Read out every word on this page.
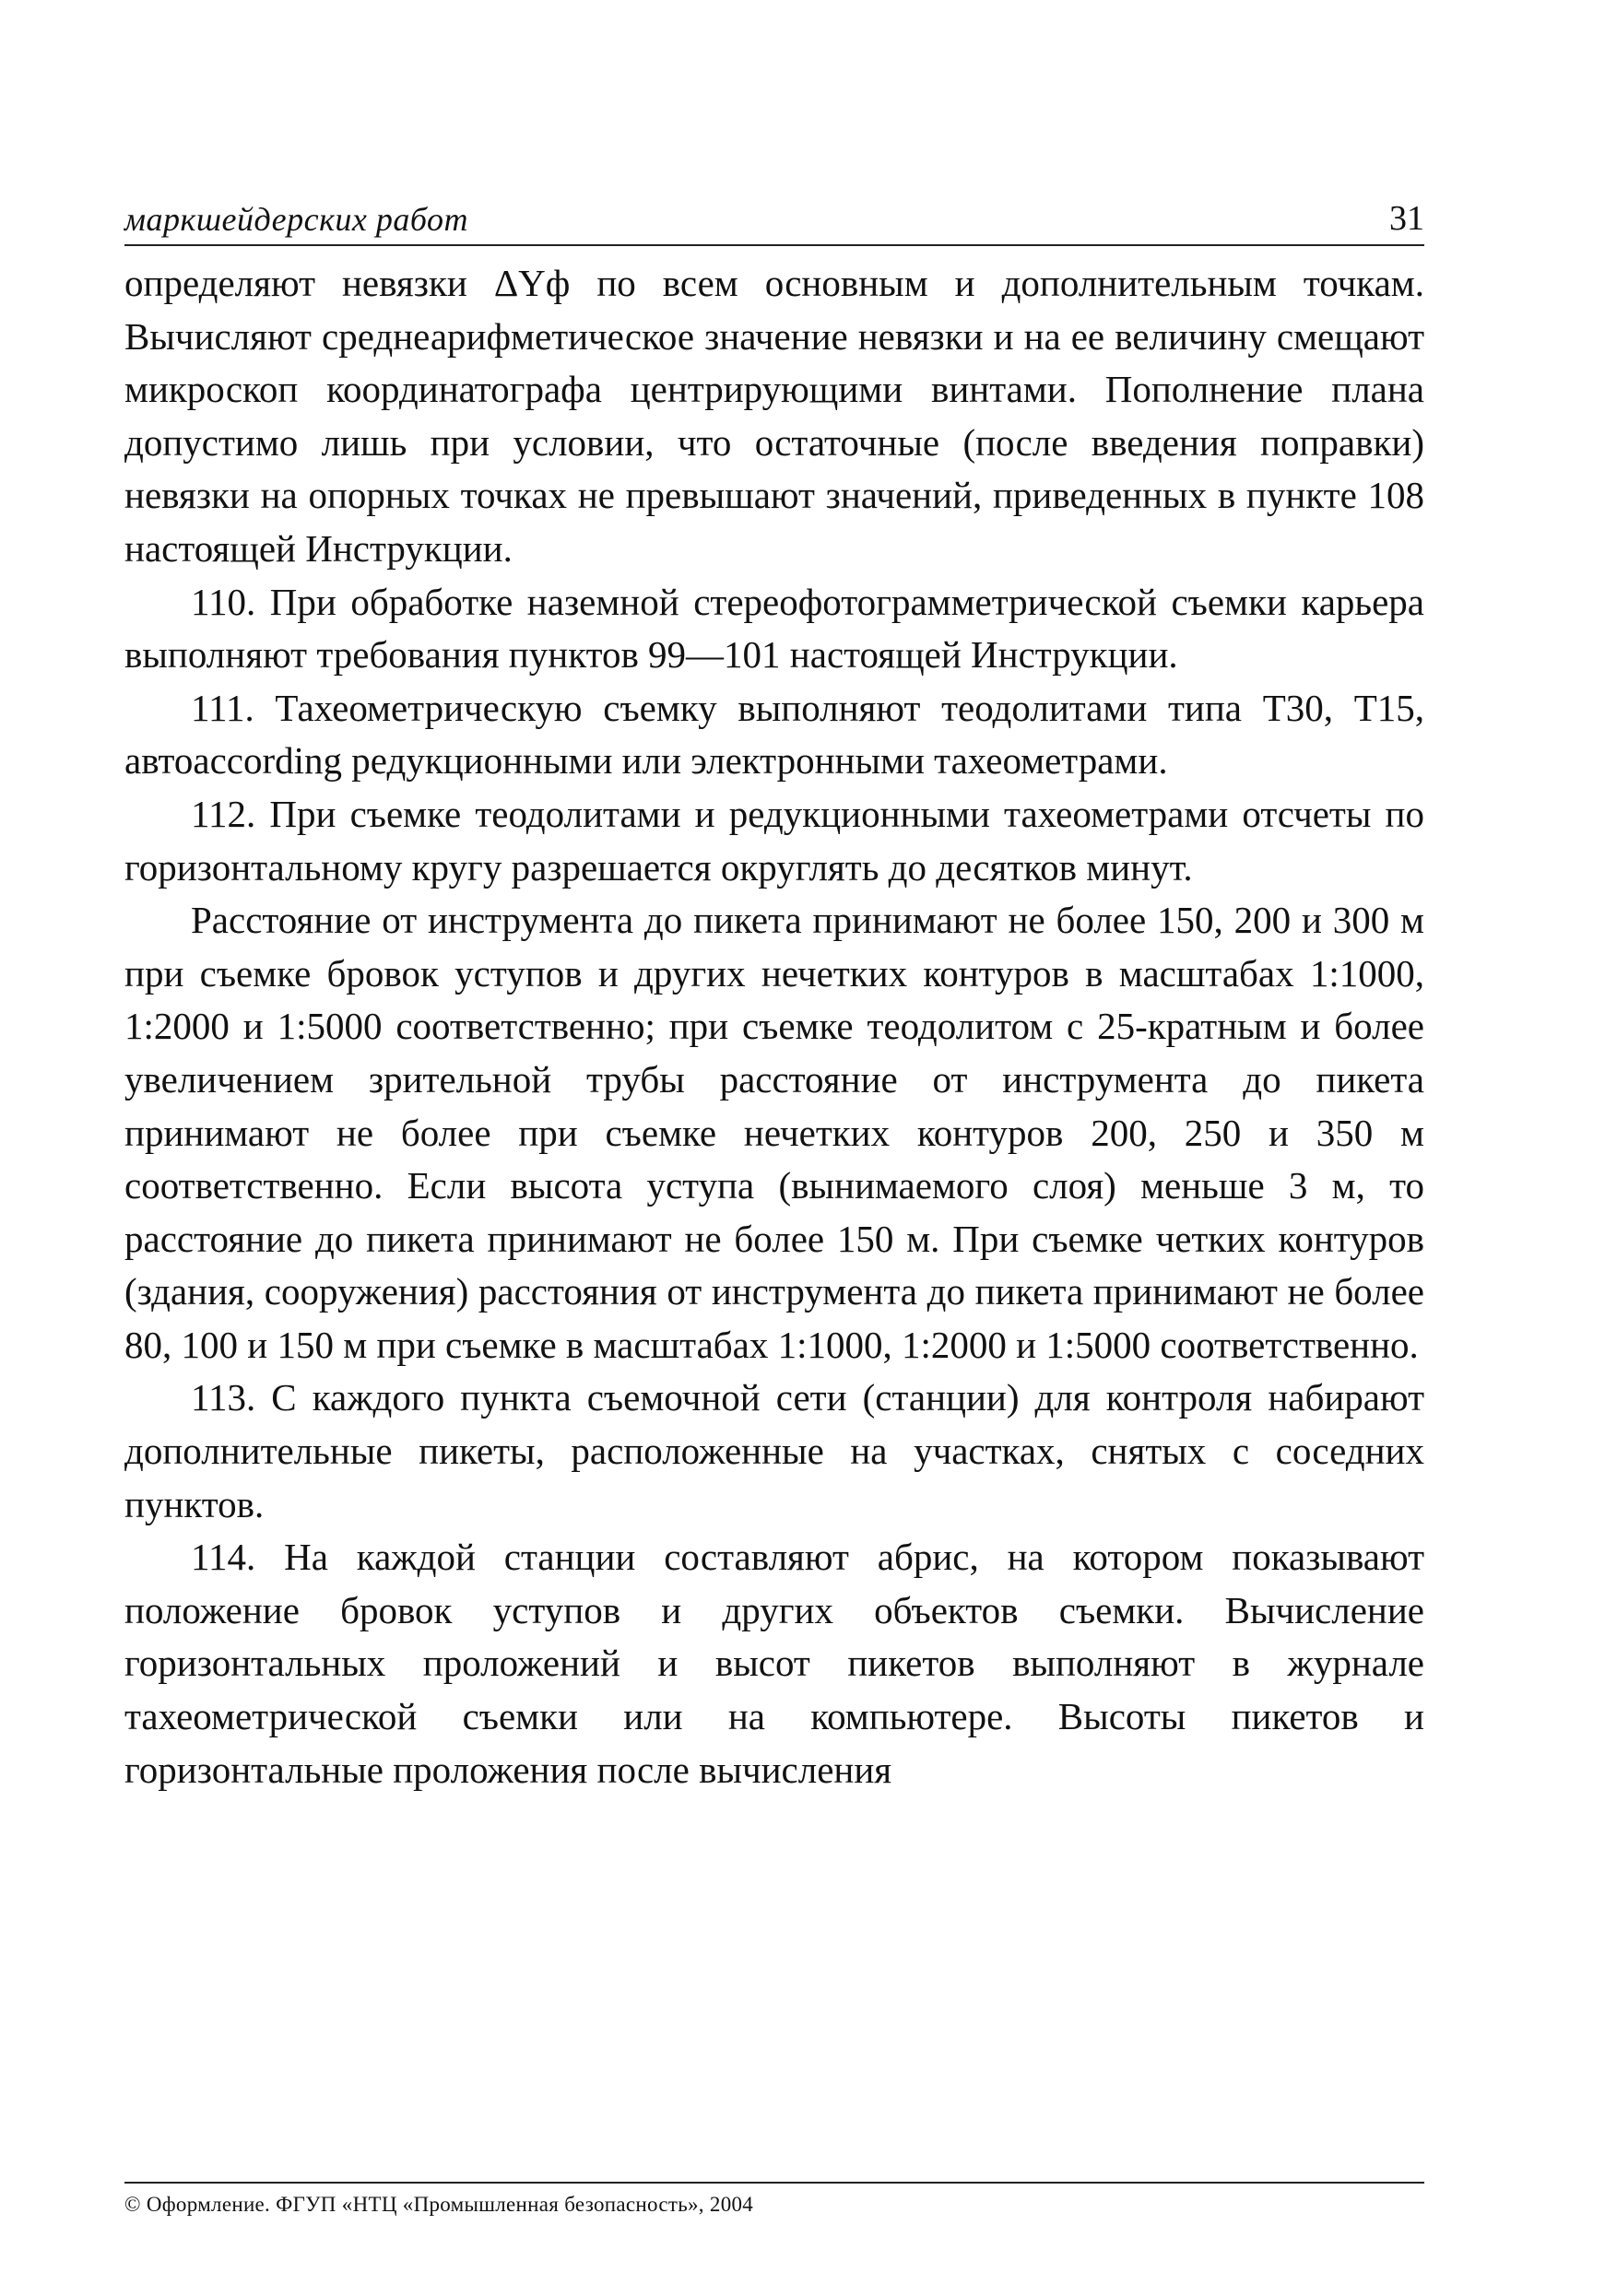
маркшейдерских работ	31

определяют невязки ΔYф по всем основным и дополнительным точкам. Вычисляют среднеарифметическое значение невязки и на ее величину смещают микроскоп координатографа центрирующими винтами. Пополнение плана допустимо лишь при условии, что остаточные (после введения поправки) невязки на опорных точках не превышают значений, приведенных в пункте 108 настоящей Инструкции.

110. При обработке наземной стереофотограмметрической съемки карьера выполняют требования пунктов 99—101 настоящей Инструкции.

111. Тахеометрическую съемку выполняют теодолитами типа Т30, Т15, автоaccording редукционными или электронными тахеометрами.

112. При съемке теодолитами и редукционными тахеометрами отсчеты по горизонтальному кругу разрешается округлять до десятков минут.

Расстояние от инструмента до пикета принимают не более 150, 200 и 300 м при съемке бровок уступов и других нечетких контуров в масштабах 1:1000, 1:2000 и 1:5000 соответственно; при съемке теодолитом с 25-кратным и более увеличением зрительной трубы расстояние от инструмента до пикета принимают не более при съемке нечетких контуров 200, 250 и 350 м соответственно. Если высота уступа (вынимаемого слоя) меньше 3 м, то расстояние до пикета принимают не более 150 м. При съемке четких контуров (здания, сооружения) расстояния от инструмента до пикета принимают не более 80, 100 и 150 м при съемке в масштабах 1:1000, 1:2000 и 1:5000 соответственно.

113. С каждого пункта съемочной сети (станции) для контроля набирают дополнительные пикеты, расположенные на участках, снятых с соседних пунктов.

114. На каждой станции составляют абрис, на котором показывают положение бровок уступов и других объектов съемки. Вычисление горизонтальных проложений и высот пикетов выполняют в журнале тахеометрической съемки или на компьютере. Высоты пикетов и горизонтальные проложения после вычисления

© Оформление. ФГУП «НТЦ «Промышленная безопасность», 2004
